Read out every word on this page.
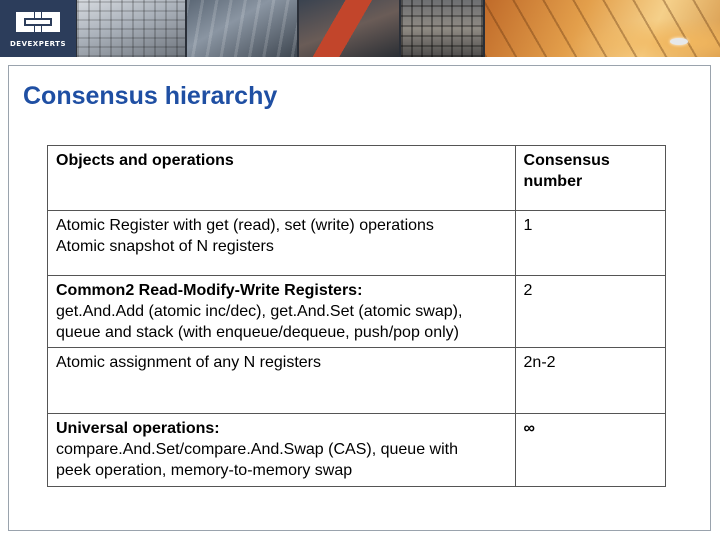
DEVEXPERTS
Consensus hierarchy
Objects and operations	Consensus
number

Atomic Register with get (read), set (write) operations
Atomic snapshot of N registers	1

Common2 Read-Modify-Write Registers:
get.And.Add (atomic inc/dec), get.And.Set (atomic swap),
queue and stack (with enqueue/dequeue, push/pop only)	2

Atomic assignment of any N registers	2n-2

Universal operations:
compare.And.Set/compare.And.Swap (CAS), queue with
peek operation, memory-to-memory swap	∞
